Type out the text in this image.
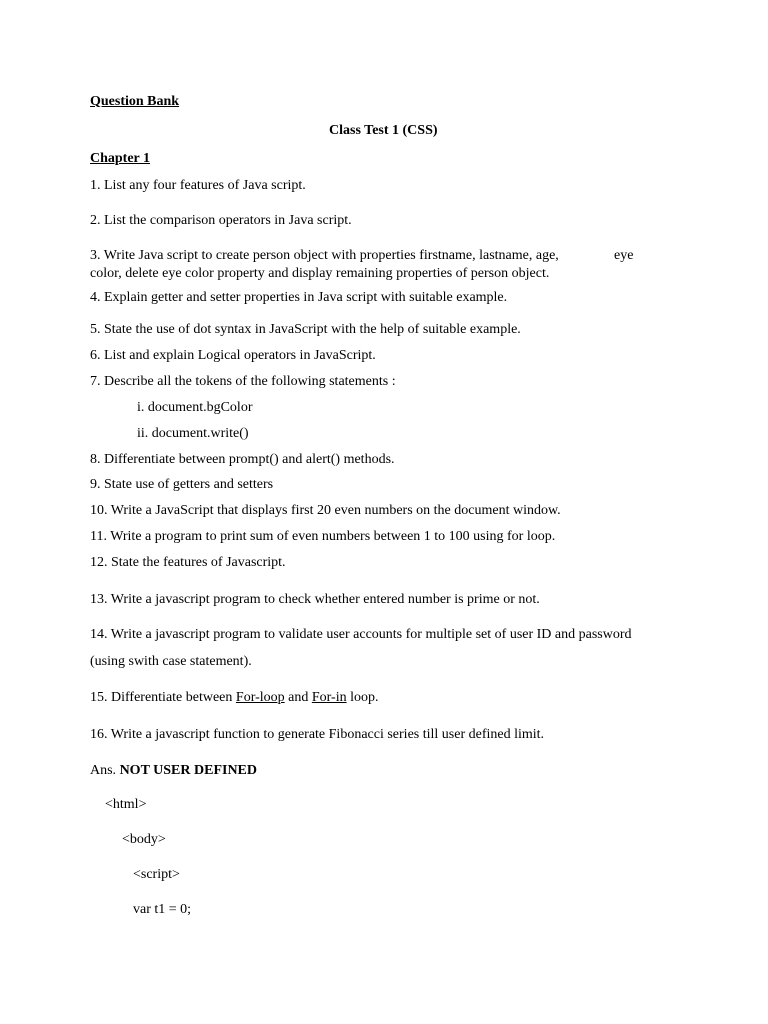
Question Bank
Class Test 1 (CSS)
Chapter 1
1. List any four features of Java script.
2. List the comparison operators in Java script.
3. Write Java script to create person object with properties firstname, lastname, age,	eye
color, delete eye color property and display remaining properties of person object.
4. Explain getter and setter properties in Java script with suitable example.
5. State the use of dot syntax in JavaScript with the help of suitable example.
6. List and explain Logical operators in JavaScript.
7. Describe all the tokens of the following statements :
i. document.bgColor
ii. document.write()
8. Differentiate between prompt() and alert() methods.
9. State use of getters and setters
10. Write a JavaScript that displays first 20 even numbers on the document window.
11. Write a program to print sum of even numbers between 1 to 100 using for loop.
12. State the features of Javascript.
13. Write a javascript program to check whether entered number is prime or not.
14. Write a javascript program to validate user accounts for multiple set of user ID and password
(using swith case statement).
15. Differentiate between For-loop and For-in loop.
16. Write a javascript function to generate Fibonacci series till user defined limit.
Ans. NOT USER DEFINED
<html>
<body>
<script>
var t1 = 0;
